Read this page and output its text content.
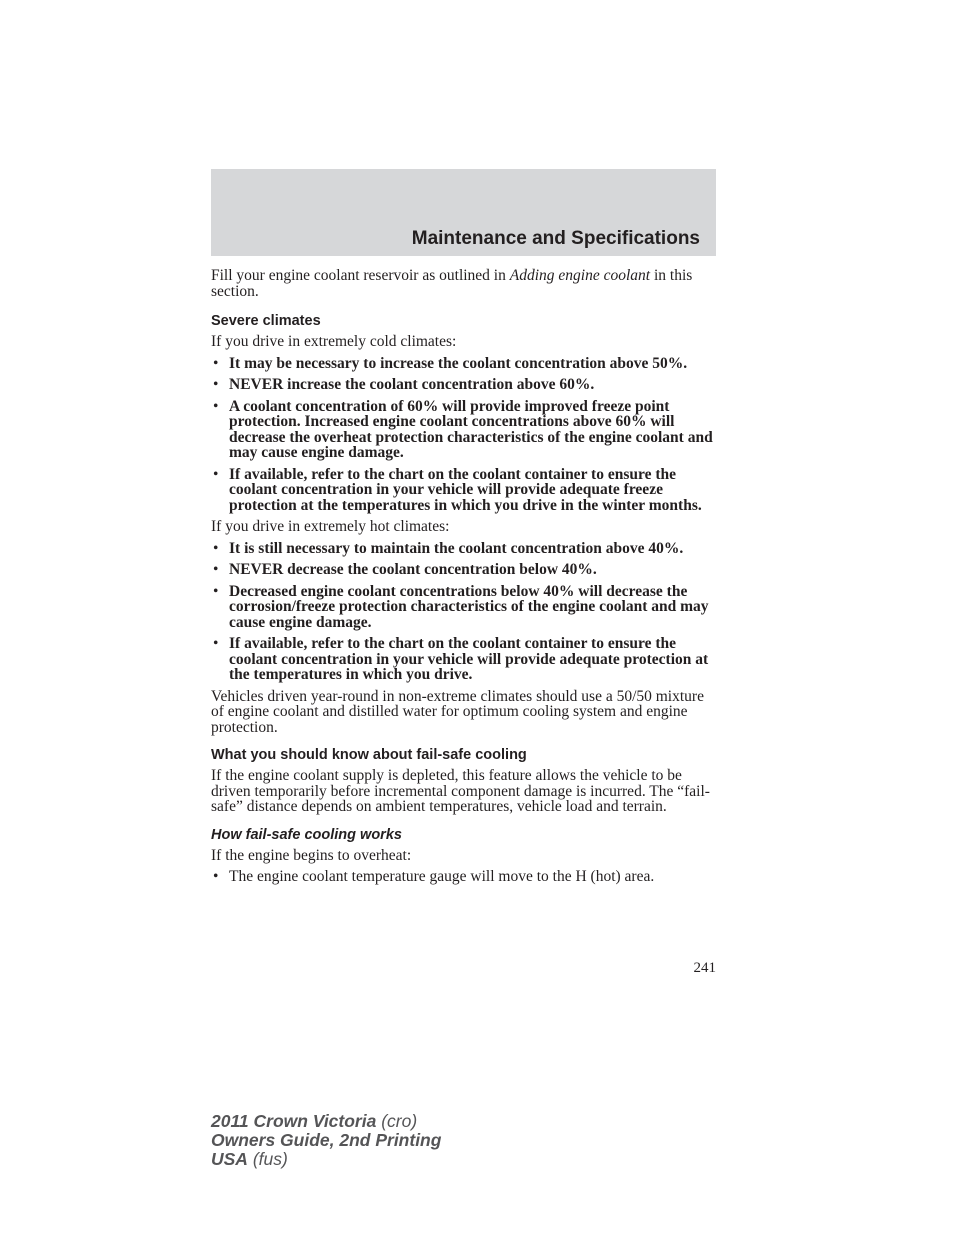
Maintenance and Specifications

Fill your engine coolant reservoir as outlined in Adding engine coolant in this section.

Severe climates

If you drive in extremely cold climates:

• It may be necessary to increase the coolant concentration above 50%.
• NEVER increase the coolant concentration above 60%.
• A coolant concentration of 60% will provide improved freeze point protection. Increased engine coolant concentrations above 60% will decrease the overheat protection characteristics of the engine coolant and may cause engine damage.
• If available, refer to the chart on the coolant container to ensure the coolant concentration in your vehicle will provide adequate freeze protection at the temperatures in which you drive in the winter months.

If you drive in extremely hot climates:

• It is still necessary to maintain the coolant concentration above 40%.
• NEVER decrease the coolant concentration below 40%.
• Decreased engine coolant concentrations below 40% will decrease the corrosion/freeze protection characteristics of the engine coolant and may cause engine damage.
• If available, refer to the chart on the coolant container to ensure the coolant concentration in your vehicle will provide adequate protection at the temperatures in which you drive.

Vehicles driven year-round in non-extreme climates should use a 50/50 mixture of engine coolant and distilled water for optimum cooling system and engine protection.

What you should know about fail-safe cooling

If the engine coolant supply is depleted, this feature allows the vehicle to be driven temporarily before incremental component damage is incurred. The “fail-safe” distance depends on ambient temperatures, vehicle load and terrain.

How fail-safe cooling works

If the engine begins to overheat:

• The engine coolant temperature gauge will move to the H (hot) area.
241
2011 Crown Victoria (cro)
Owners Guide, 2nd Printing
USA (fus)
